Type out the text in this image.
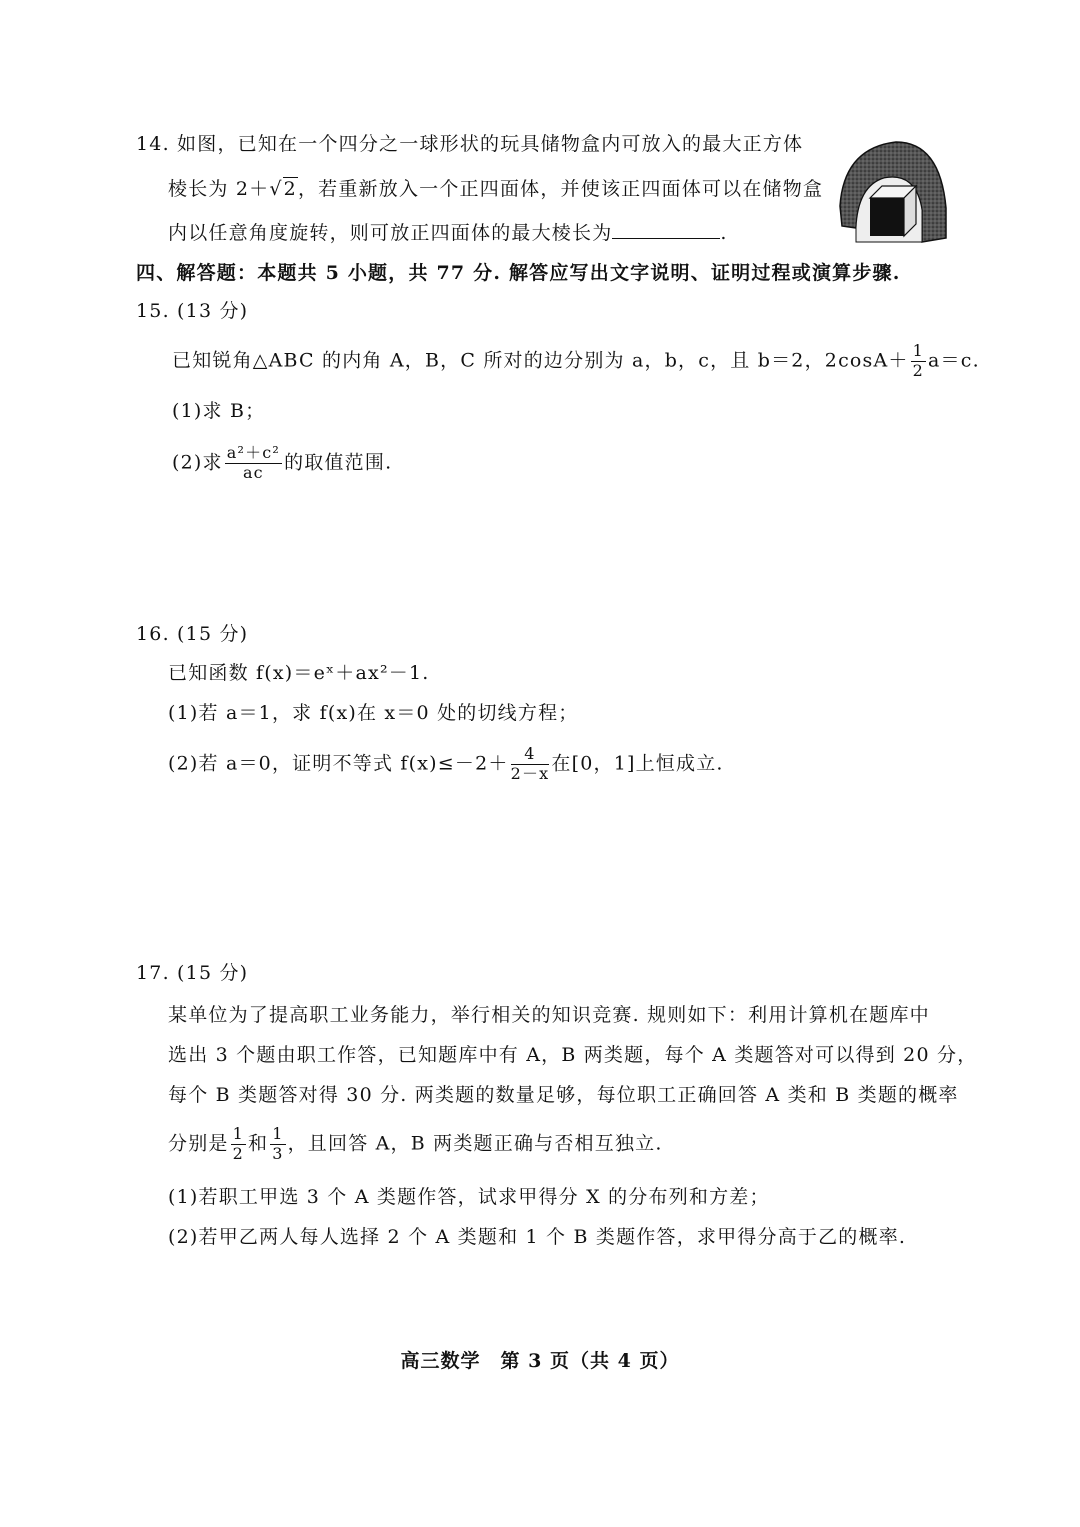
14. 如图，已知在一个四分之一球形状的玩具储物盒内可放入的最大正方体
棱长为 2＋√2，若重新放入一个正四面体，并使该正四面体可以在储物盒
内以任意角度旋转，则可放正四面体的最大棱长为	.
四、解答题：本题共 5 小题，共 77 分. 解答应写出文字说明、证明过程或演算步骤.
15. (13 分)
已知锐角△ABC 的内角 A，B，C 所对的边分别为 a，b，c，且 b＝2，$2\cos A+ \frac{1}{2} a=c$.
(1)求 B；
(2)求 $\frac{\text{a²＋c²}}{ac}$ 的取值范围.
16. (15 分)
已知函数 f(x)＝eˣ＋ax²－1.
(1)若 a＝1，求 f(x)在 x＝0 处的切线方程；
(2)若 a＝0，证明不等式 $f(x)\le-2+ \frac{4}{2-x}$ 在[0，1]上恒成立.
17. (15 分)
某单位为了提高职工业务能力，举行相关的知识竞赛. 规则如下：利用计算机在题库中
选出 3 个题由职工作答，已知题库中有 A，B 两类题，每个 A 类题答对可以得到 20 分，
每个 B 类题答对得 30 分. 两类题的数量足够，每位职工正确回答 A 类和 B 类题的概率
分别是 $\frac{1}{2}$ 和 $\frac{1}{3}$ ，且回答 A，B 两类题正确与否相互独立.
(1)若职工甲选 3 个 A 类题作答，试求甲得分 X 的分布列和方差；
(2)若甲乙两人每人选择 2 个 A 类题和 1 个 B 类题作答，求甲得分高于乙的概率.
高三数学　第 3 页（共 4 页）
